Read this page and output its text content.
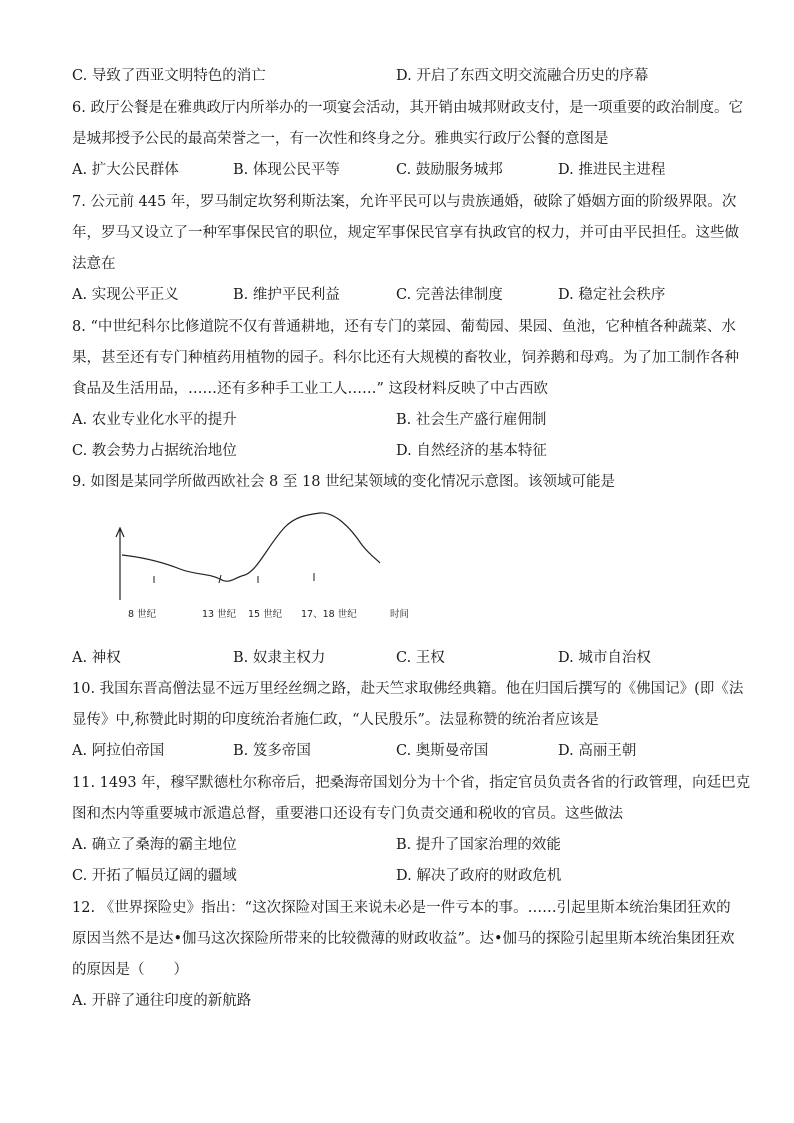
C. 导致了西亚文明特色的消亡	D. 开启了东西文明交流融合历史的序幕
6. 政厅公餐是在雅典政厅内所举办的一项宴会活动，其开销由城邦财政支付，是一项重要的政治制度。它
是城邦授予公民的最高荣誉之一，有一次性和终身之分。雅典实行政厅公餐的意图是
A. 扩大公民群体	B. 体现公民平等	C. 鼓励服务城邦	D. 推进民主进程
7. 公元前 445 年，罗马制定坎努利斯法案，允许平民可以与贵族通婚，破除了婚姻方面的阶级界限。次
年，罗马又设立了一种军事保民官的职位，规定军事保民官享有执政官的权力，并可由平民担任。这些做
法意在
A. 实现公平正义	B. 维护平民利益	C. 完善法律制度	D. 稳定社会秩序
8. “中世纪科尔比修道院不仅有普通耕地，还有专门的菜园、葡萄园、果园、鱼池，它种植各种蔬菜、水
果，甚至还有专门种植药用植物的园子。科尔比还有大规模的畜牧业，饲养鹅和母鸡。为了加工制作各种
食品及生活用品，……还有多种手工业工人……” 这段材料反映了中古西欧
A. 农业专业化水平的提升	B. 社会生产盛行雇佣制
C. 教会势力占据统治地位	D. 自然经济的基本特征
9. 如图是某同学所做西欧社会 8 至 18 世纪某领域的变化情况示意图。该领域可能是
8 世纪	13 世纪 15 世纪 17、18 世纪	时间
A. 神权	B. 奴隶主权力	C. 王权	D. 城市自治权
10. 我国东晋高僧法显不远万里经丝绸之路，赴天竺求取佛经典籍。他在归国后撰写的《佛国记》(即《法
显传》中,称赞此时期的印度统治者施仁政，“人民殷乐”。法显称赞的统治者应该是
A. 阿拉伯帝国	B. 笈多帝国	C. 奥斯曼帝国	D. 高丽王朝
11. 1493 年，穆罕默德杜尔称帝后，把桑海帝国划分为十个省，指定官员负责各省的行政管理，向廷巴克
图和杰内等重要城市派遣总督，重要港口还设有专门负责交通和税收的官员。这些做法
A. 确立了桑海的霸主地位	B. 提升了国家治理的效能
C. 开拓了幅员辽阔的疆域	D. 解决了政府的财政危机
12. 《世界探险史》指出：“这次探险对国王来说未必是一件亏本的事。……引起里斯本统治集团狂欢的
原因当然不是达•伽马这次探险所带来的比较微薄的财政收益”。达•伽马的探险引起里斯本统治集团狂欢
的原因是（　　）
A. 开辟了通往印度的新航路
